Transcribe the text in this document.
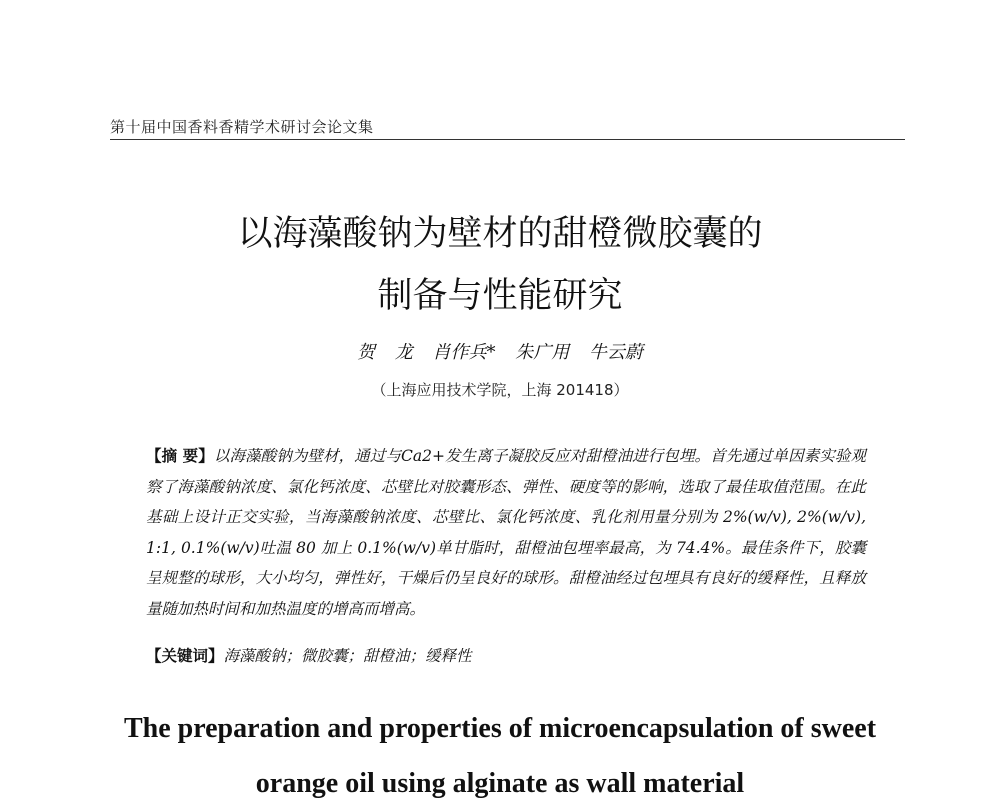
第十届中国香料香精学术研讨会论文集
以海藻酸钠为壁材的甜橙微胶囊的
制备与性能研究
贺 龙 肖作兵* 朱广用 牛云蔚
（上海应用技术学院，上海 201418）
【摘 要】以海藻酸钠为壁材，通过与Ca2+发生离子凝胶反应对甜橙油进行包埋。首先通过单因素实验观察了海藻酸钠浓度、氯化钙浓度、芯壁比对胶囊形态、弹性、硬度等的影响，选取了最佳取值范围。在此基础上设计正交实验，当海藻酸钠浓度、芯壁比、氯化钙浓度、乳化剂用量分别为 2%(w/v), 2%(w/v), 1:1, 0.1%(w/v)吐温 80 加上 0.1%(w/v)单甘脂时，甜橙油包埋率最高，为 74.4%。最佳条件下，胶囊呈规整的球形，大小均匀，弹性好，干燥后仍呈良好的球形。甜橙油经过包埋具有良好的缓释性，且释放量随加热时间和加热温度的增高而增高。
【关键词】海藻酸钠；微胶囊；甜橙油；缓释性
The preparation and properties of microencapsulation of sweet
orange oil using alginate as wall material
